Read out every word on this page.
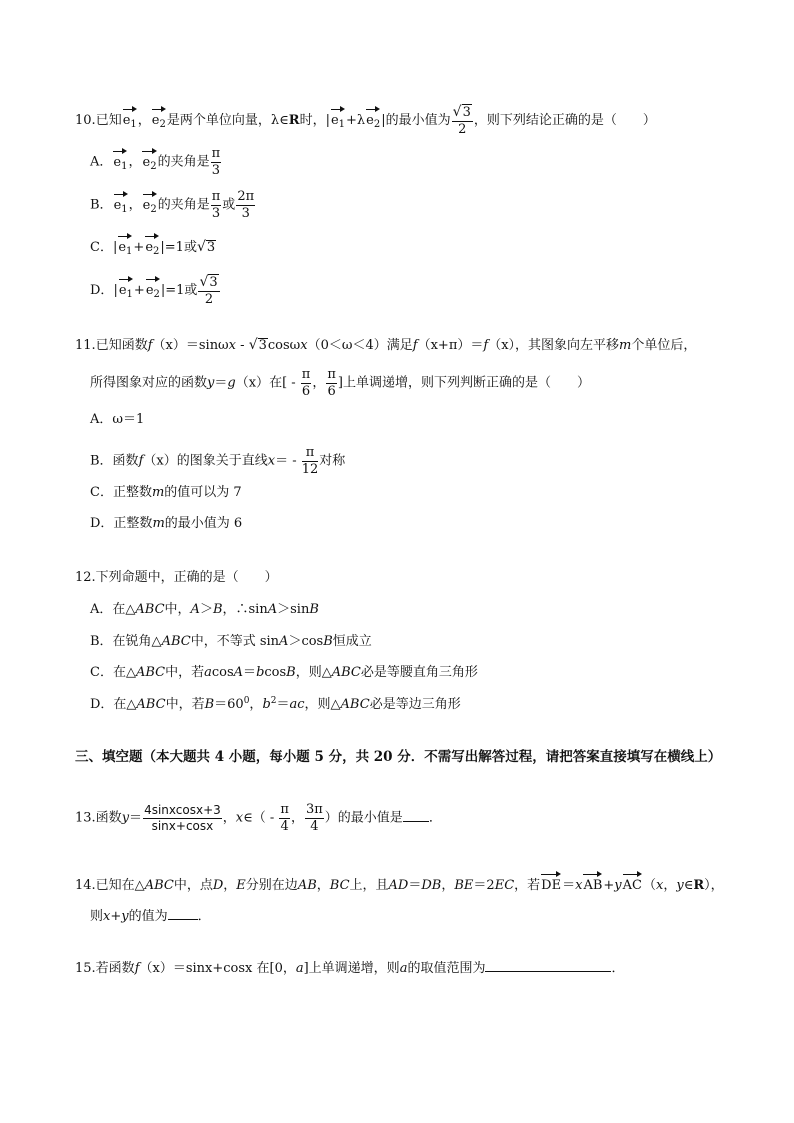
10.已知$e_1$，$e_2$是两个单位向量，λ∈R时，$|e_1+\lambda e_2|$的最小值为 $\frac{√3}{2}$ ，则下列结论正确的是（　　）
A．$e_1$，$e_2$的夹角是 $\frac{\pi}{3}$
B．$e_1$，$e_2$的夹角是 $\frac{\pi}{3}$ 或 $\frac{2\pi}{3}$
C．$|e_1+e_2|=1$或√3
D．$|e_1+e_2|=1$或 $\frac{√3}{2}$
11.已知函数f（x）＝sinωx - √3cosωx（0＜ω＜4）满足f（x+π）＝f（x），其图象向左平移m个单位后，
所得图象对应的函数y＝g（x）在[ - $\frac{\pi}{6}$ ， $\frac{\pi}{6}$ ]上单调递增，则下列判断正确的是（　　）
A．ω＝1
B．函数f（x）的图象关于直线$x= - \frac{\pi}{12}$ 对称
C．正整数m的值可以为 7
D．正整数m的最小值为 6
12.下列命题中，正确的是（　　）
A．在△ABC中，A＞B，∴sinA＞sinB
B．在锐角△ABC中，不等式 sinA＞cosB恒成立
C．在△ABC中，若acosA＝bcosB，则△ABC必是等腰直角三角形
D．在△ABC中，若$B=60^0$，$b^2=ac$，则△ABC必是等边三角形
三、填空题（本大题共 4 小题，每小题 5 分，共 20 分．不需写出解答过程，请把答案直接填写在横线上）
13.函数$y= \frac{\text{4sinxcosx+3}}{\sin x+\cos x}$ ，x∈（ - $\frac{\pi}{4}$ ， $\frac{3\pi}{4}$ ）的最小值是 ．
14.已知在△ABC中，点D，E分别在边AB，BC上，且AD＝DB，BE＝2EC，若DE＝xAB+yAC（x，y∈R），
则x+y的值为 ．
15.若函数f（x）＝sinx+cosx 在[0，a]上单调递增，则a的取值范围为	．
